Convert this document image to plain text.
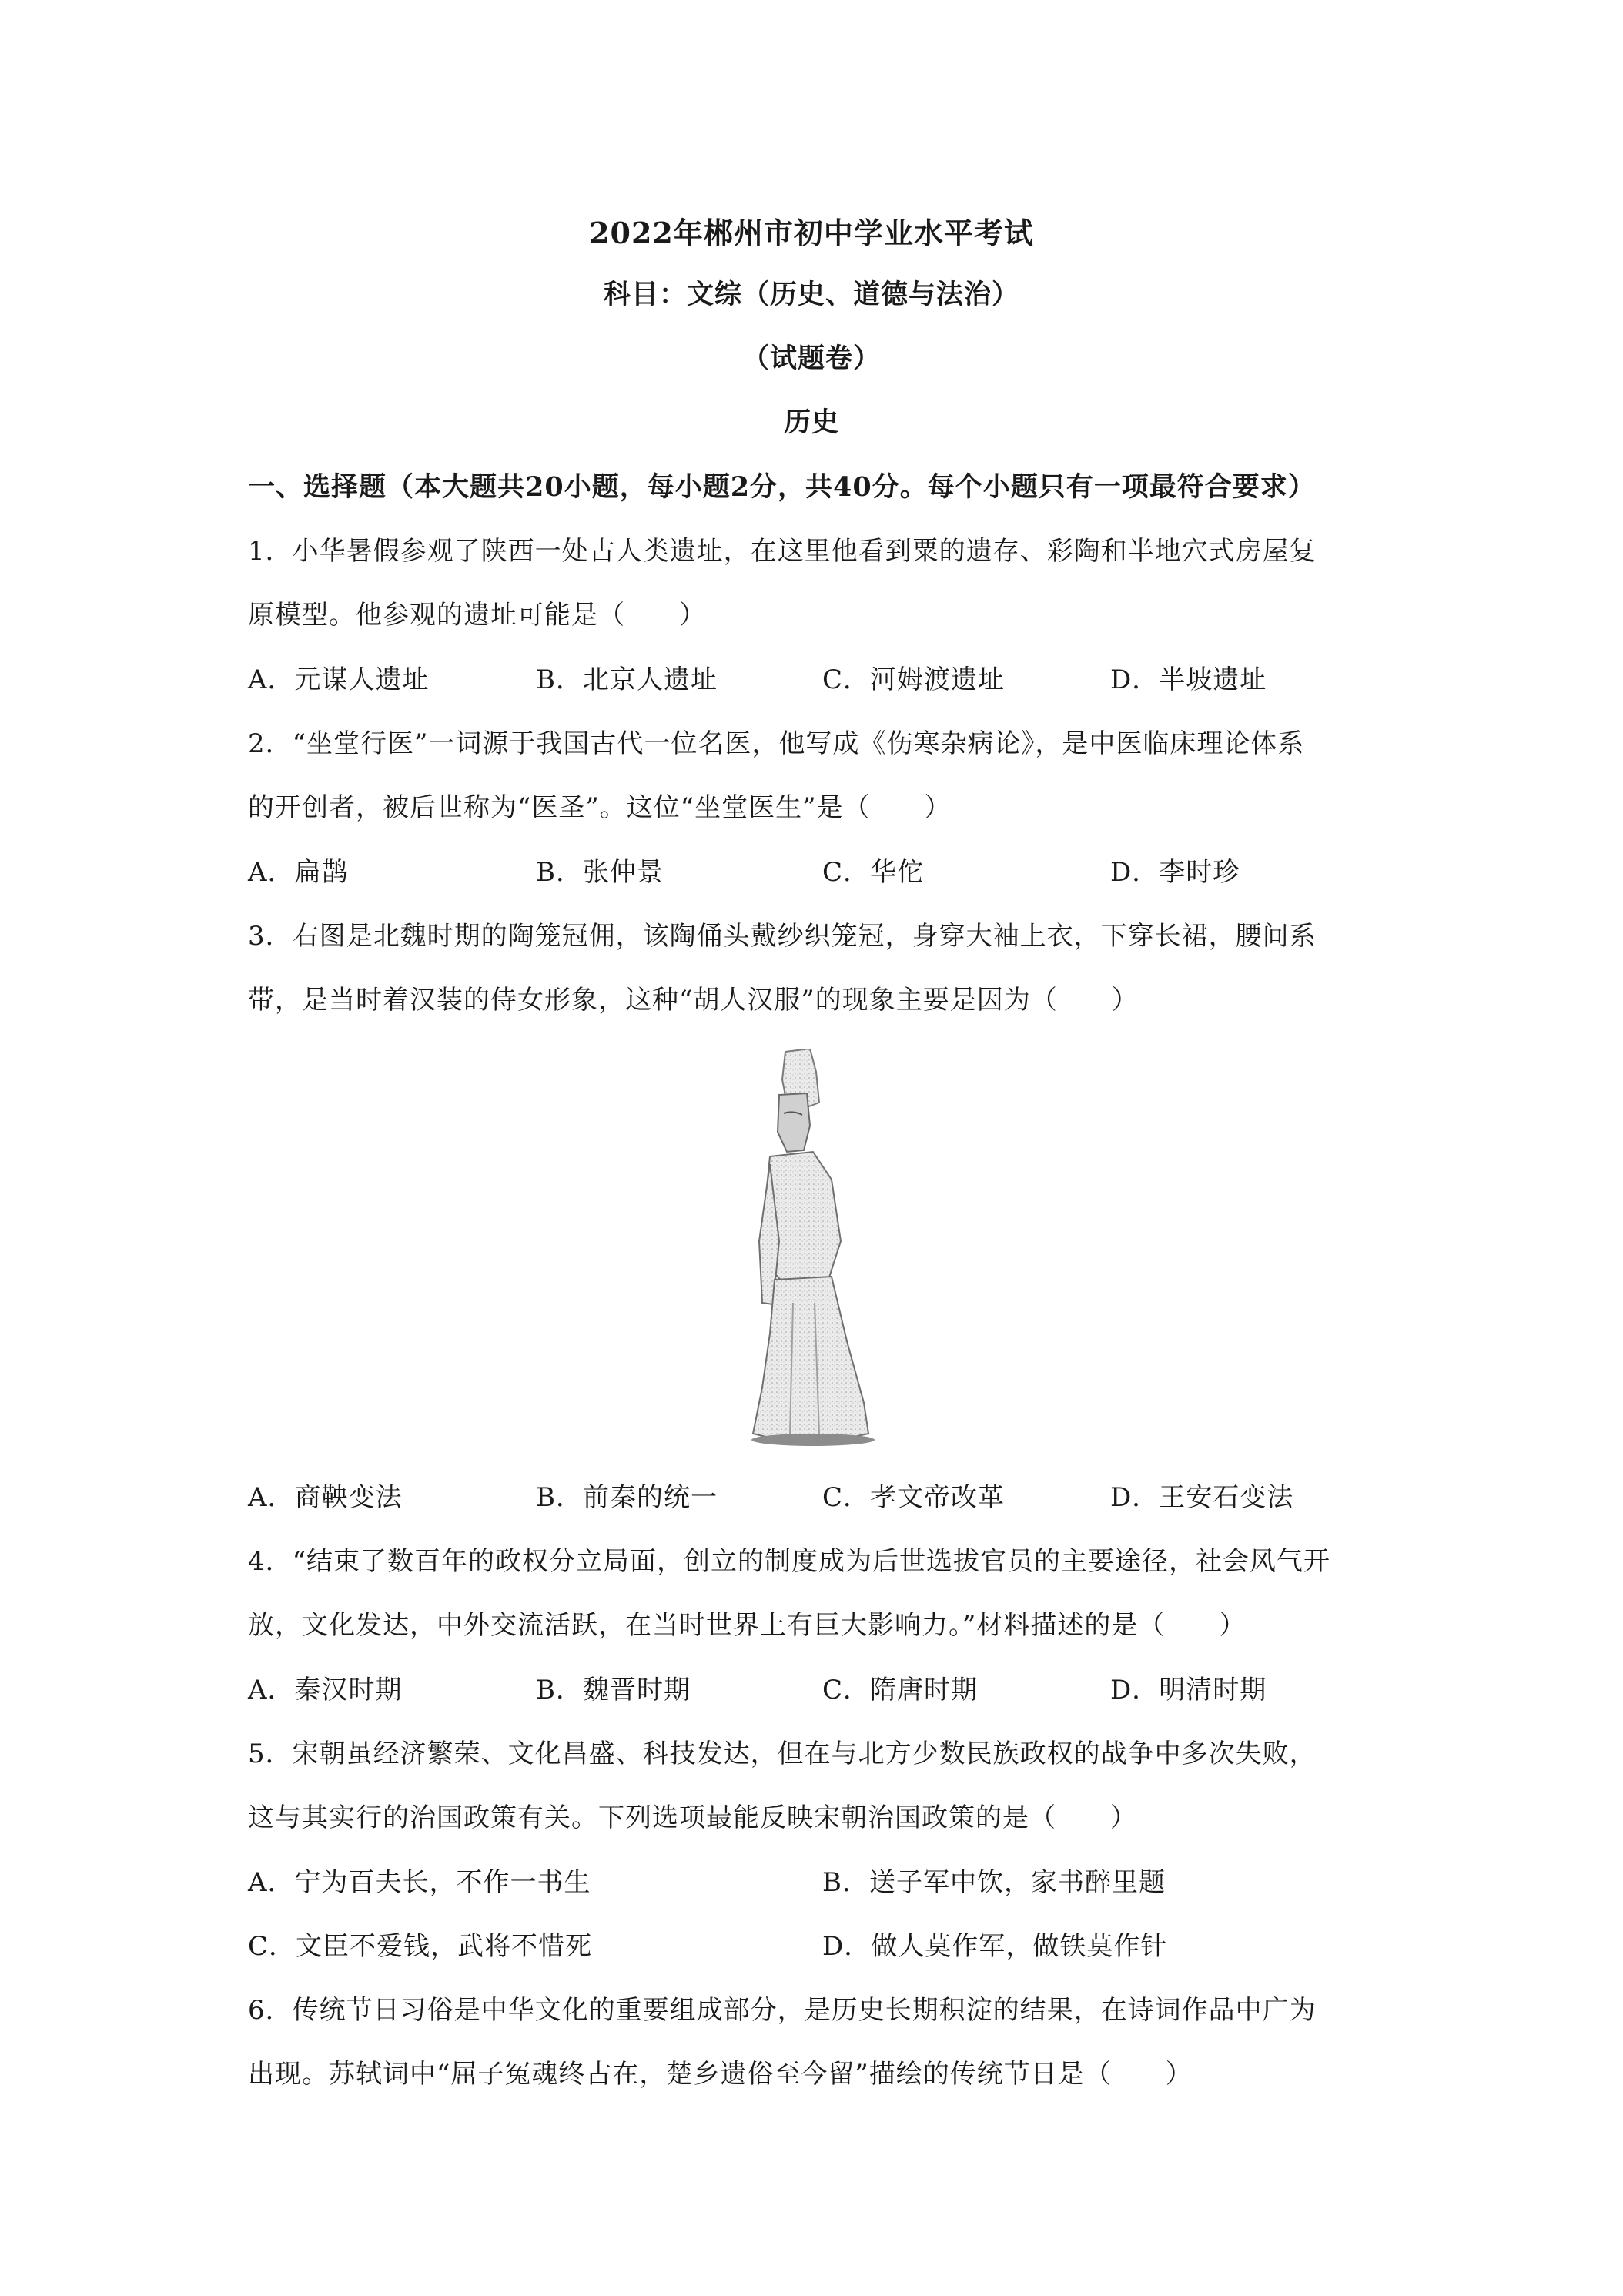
2022年郴州市初中学业水平考试
科目：文综（历史、道德与法治）
（试题卷）
历史
一、选择题（本大题共20小题，每小题2分，共40分。每个小题只有一项最符合要求）
1．小华暑假参观了陕西一处古人类遗址，在这里他看到粟的遗存、彩陶和半地穴式房屋复
原模型。他参观的遗址可能是（　　）
A．元谋人遗址	B．北京人遗址	C．河姆渡遗址	D．半坡遗址
2．“坐堂行医”一词源于我国古代一位名医，他写成《伤寒杂病论》，是中医临床理论体系
的开创者，被后世称为“医圣”。这位“坐堂医生”是（　　）
A．扁鹊	B．张仲景	C．华佗	D．李时珍
3．右图是北魏时期的陶笼冠佣，该陶俑头戴纱织笼冠，身穿大袖上衣，下穿长裙，腰间系
带，是当时着汉装的侍女形象，这种“胡人汉服”的现象主要是因为（　　）
A．商鞅变法	B．前秦的统一	C．孝文帝改革	D．王安石变法
4．“结束了数百年的政权分立局面，创立的制度成为后世选拔官员的主要途径，社会风气开
放，文化发达，中外交流活跃，在当时世界上有巨大影响力。”材料描述的是（　　）
A．秦汉时期	B．魏晋时期	C．隋唐时期	D．明清时期
5．宋朝虽经济繁荣、文化昌盛、科技发达，但在与北方少数民族政权的战争中多次失败，
这与其实行的治国政策有关。下列选项最能反映宋朝治国政策的是（　　）
A．宁为百夫长，不作一书生	B．送子军中饮，家书醉里题
C．文臣不爱钱，武将不惜死	D．做人莫作军，做铁莫作针
6．传统节日习俗是中华文化的重要组成部分，是历史长期积淀的结果，在诗词作品中广为
出现。苏轼词中“屈子冤魂终古在，楚乡遗俗至今留”描绘的传统节日是（　　）
